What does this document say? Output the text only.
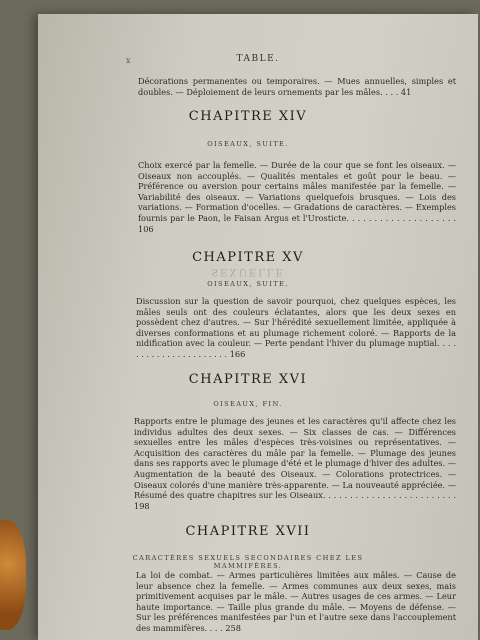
x	TABLE.
Décorations permanentes ou temporaires. — Mues annuelles, simples et doubles. — Déploiement de leurs ornements par les mâles. . . . 41
CHAPITRE XIV
OISEAUX, SUITE.
Choix exercé par la femelle. — Durée de la cour que se font les oiseaux. — Oiseaux non accouplés. — Qualités mentales et goût pour le beau. — Préférence ou aversion pour certains mâles manifestée par la femelle. — Variabilité des oiseaux. — Variations quelquefois brusques. — Lois des variations. — Formation d'ocelles. — Gradations de caractères. — Exemples fournis par le Paon, le Faisan Argus et l'Urosticte. . . . . . . . . . . . . . . . . . . . 106
CHAPITRE XV
SEXUELLE
OISEAUX, SUITE.
Discussion sur la question de savoir pourquoi, chez quelques espèces, les mâles seuls ont des couleurs éclatantes, alors que les deux sexes en possèdent chez d'autres. — Sur l'hérédité sexuellement limitée, appliquée à diverses conformations et au plumage richement coloré. — Rapports de la nidification avec la couleur. — Perte pendant l'hiver du plumage nuptial. . . . . . . . . . . . . . . . . . . . . . 166
CHAPITRE XVI
OISEAUX, FIN.
Rapports entre le plumage des jeunes et les caractères qu'il affecte chez les individus adultes des deux sexes. — Six classes de cas. — Différences sexuelles entre les mâles d'espèces très-voisines ou représentatives. — Acquisition des caractères du mâle par la femelle. — Plumage des jeunes dans ses rapports avec le plumage d'été et le plumage d'hiver des adultes. — Augmentation de la beauté des Oiseaux. — Colorations protectrices. — Oiseaux colorés d'une manière très-apparente. — La nouveauté appréciée. — Résumé des quatre chapitres sur les Oiseaux. . . . . . . . . . . . . . . . . . . . . . . . . 198
CHAPITRE XVII
CARACTÈRES SEXUELS SECONDAIRES CHEZ LES MAMMIFÈRES.
La loi de combat. — Armes particulières limitées aux mâles. — Cause de leur absence chez la femelle. — Armes communes aux deux sexes, mais primitivement acquises par le mâle. — Autres usages de ces armes. — Leur haute importance. — Taille plus grande du mâle. — Moyens de défense. — Sur les préférences manifestées par l'un et l'autre sexe dans l'accouplement des mammifères. . . . 258
